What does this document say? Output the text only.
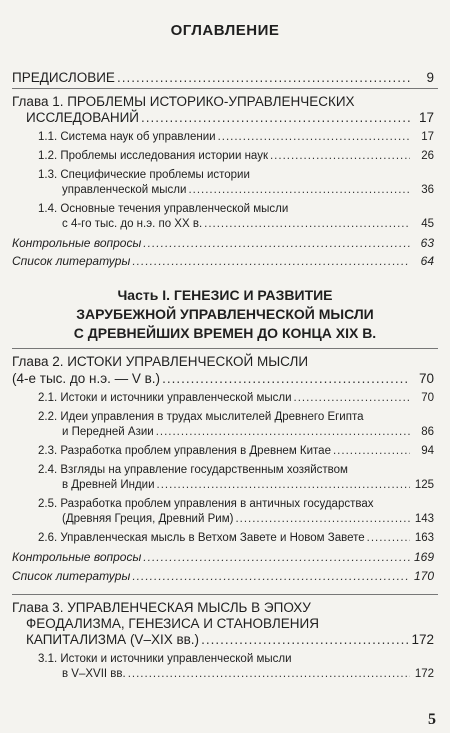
ОГЛАВЛЕНИЕ
ПРЕДИСЛОВИЕ .....	9
Глава 1. ПРОБЛЕМЫ ИСТОРИКО-УПРАВЛЕНЧЕСКИХ
ИССЛЕДОВАНИЙ .....	17
1.1. Система наук об управлении .....	17
1.2. Проблемы исследования истории наук .....	26
1.3. Специфические проблемы истории
управленческой мысли .....	36
1.4. Основные течения управленческой мысли
с 4-го тыс. до н.э. по XX в. .....	45
Контрольные вопросы .....	63
Список литературы .....	64
Часть I. ГЕНЕЗИС И РАЗВИТИЕ
ЗАРУБЕЖНОЙ УПРАВЛЕНЧЕСКОЙ МЫСЛИ
С ДРЕВНЕЙШИХ ВРЕМЕН ДО КОНЦА XIX В.
Глава 2. ИСТОКИ УПРАВЛЕНЧЕСКОЙ МЫСЛИ
(4-е тыс. до н.э. — V в.) .....	70
2.1. Истоки и источники управленческой мысли .....	70
2.2. Идеи управления в трудах мыслителей Древнего Египта
и Передней Азии .....	86
2.3. Разработка проблем управления в Древнем Китае .....	94
2.4. Взгляды на управление государственным хозяйством
в Древней Индии .....	125
2.5. Разработка проблем управления в античных государствах
(Древняя Греция, Древний Рим) .....	143
2.6. Управленческая мысль в Ветхом Завете и Новом Завете .....	163
Контрольные вопросы .....	169
Список литературы .....	170
Глава 3. УПРАВЛЕНЧЕСКАЯ МЫСЛЬ В ЭПОХУ
ФЕОДАЛИЗМА, ГЕНЕЗИСА И СТАНОВЛЕНИЯ
КАПИТАЛИЗМА (V–XIX вв.) .....	172
3.1. Истоки и источники управленческой мысли
в V–XVII вв. .....	172
5
